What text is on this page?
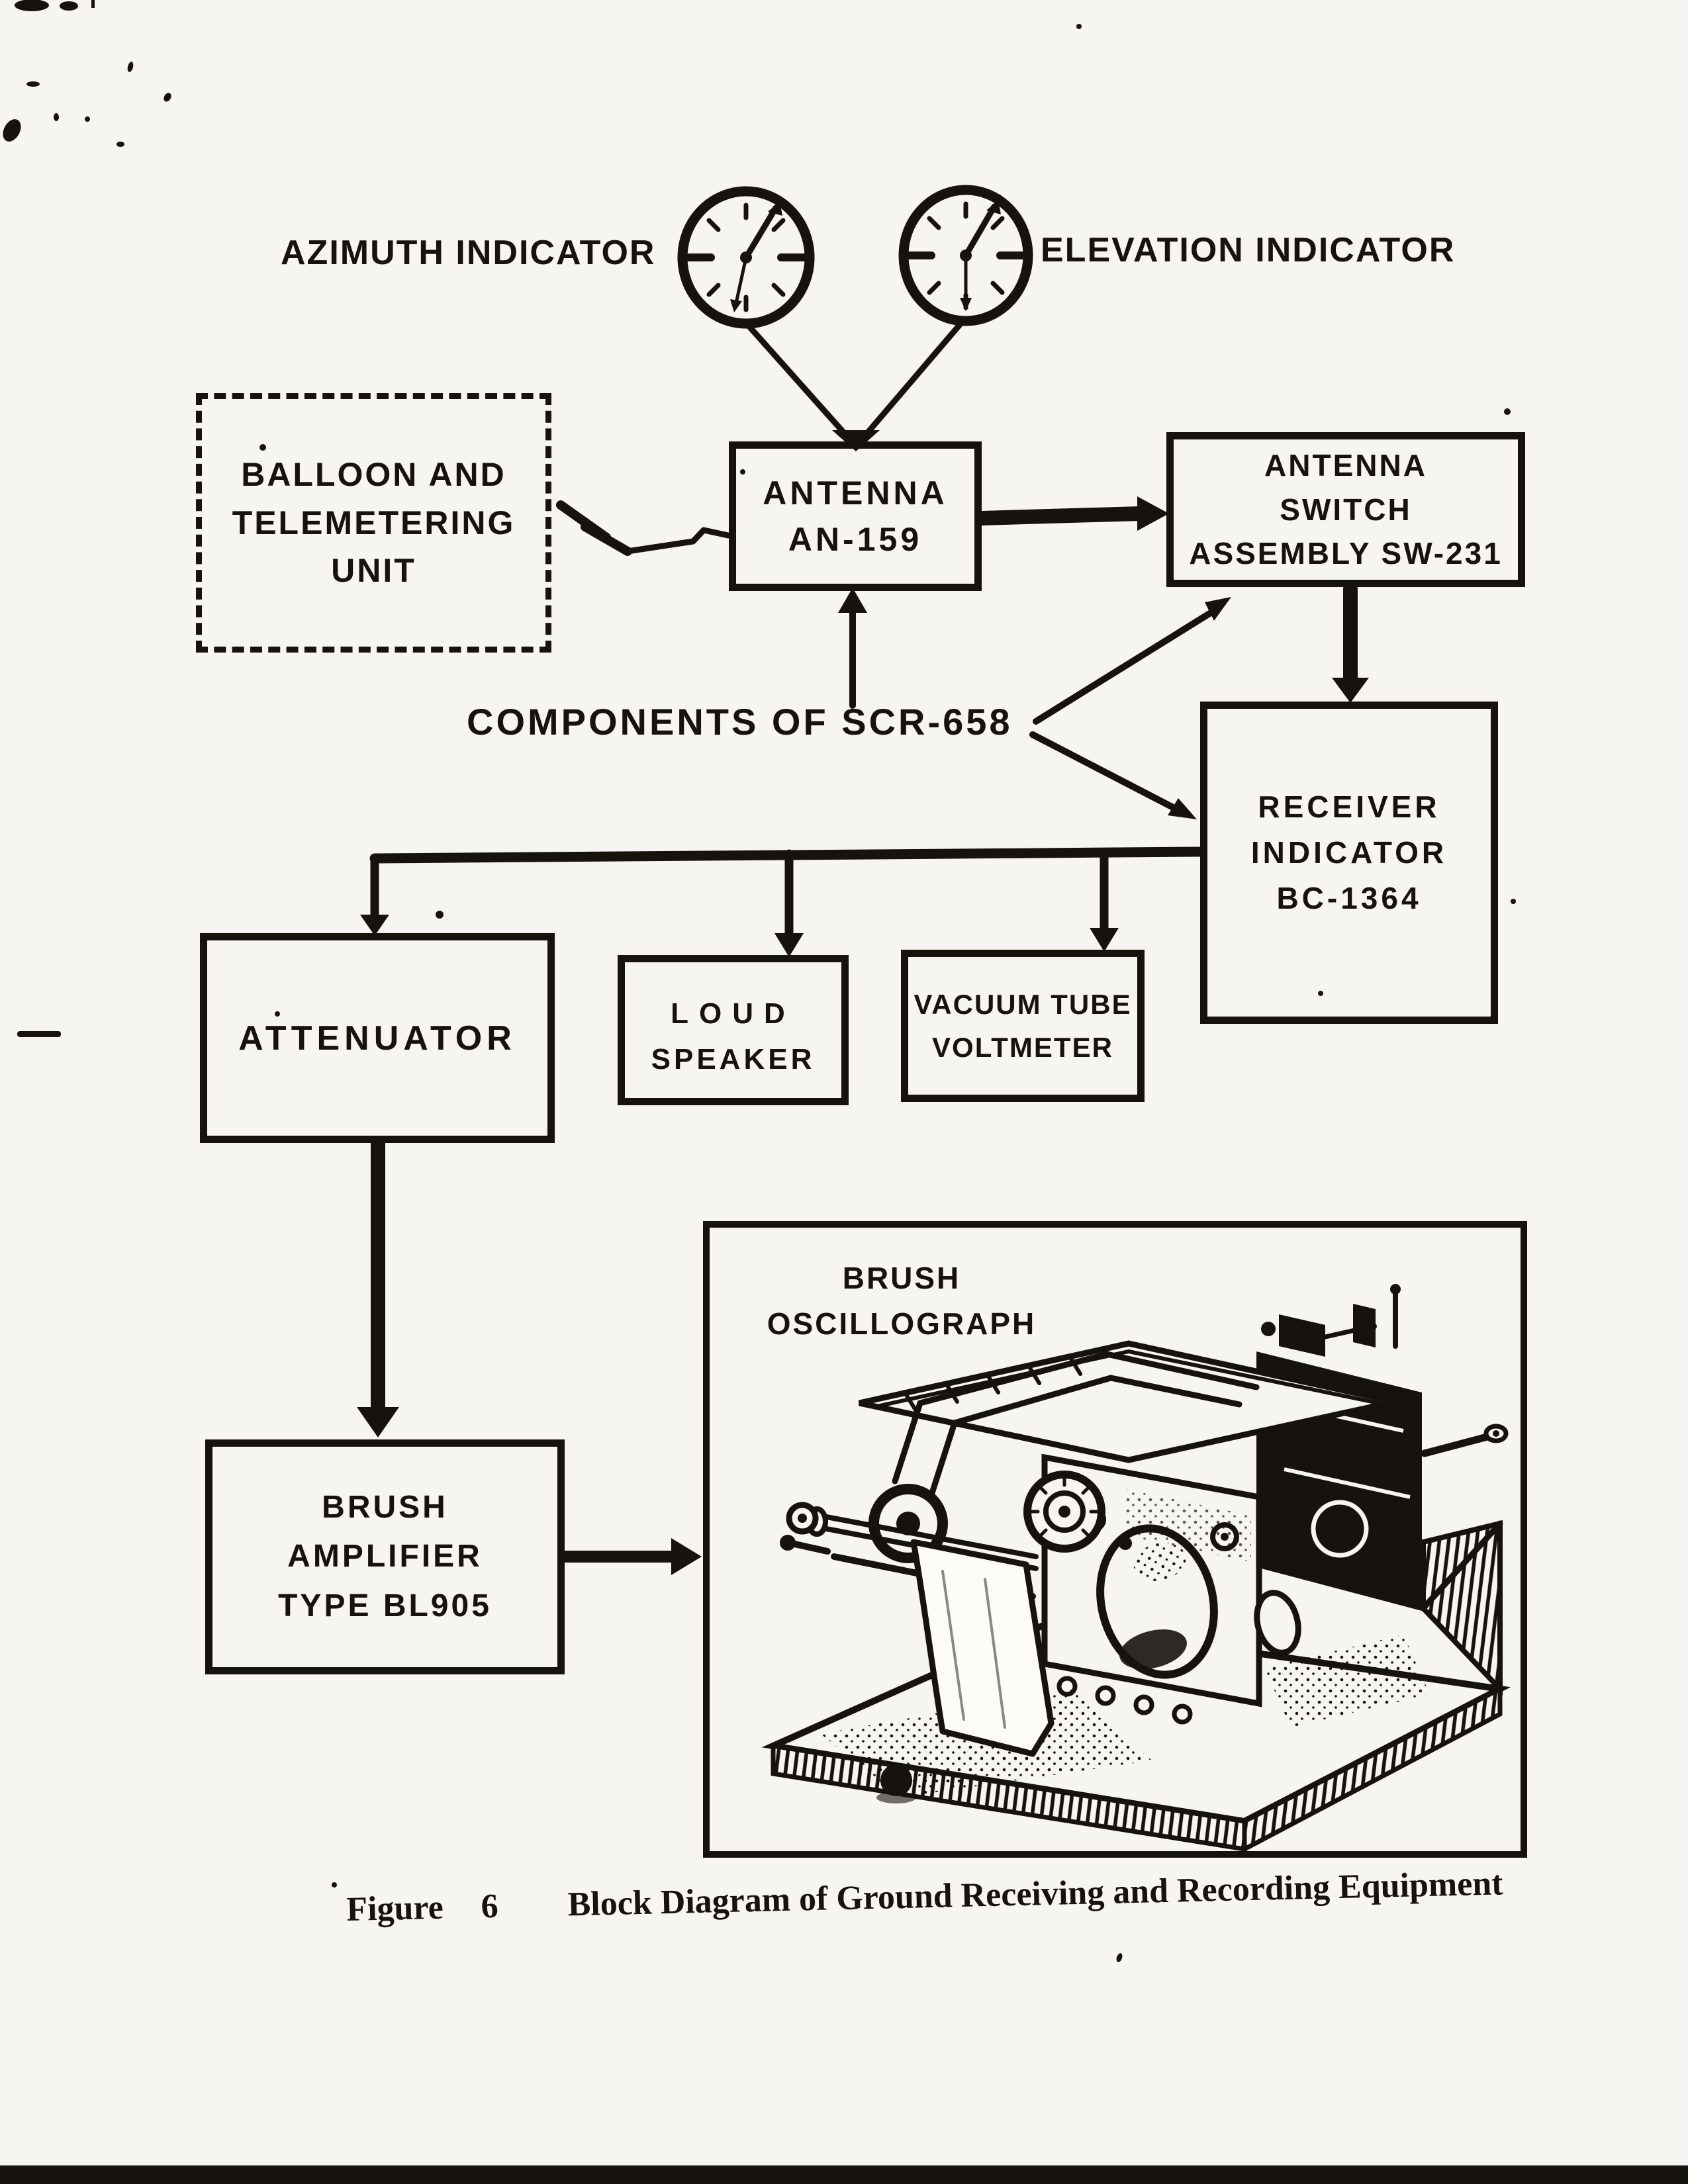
AZIMUTH INDICATOR	ELEVATION INDICATOR
COMPONENTS OF SCR-658
BALLOON AND
TELEMETERING
UNIT
ANTENNA
AN-159
ANTENNA
SWITCH
ASSEMBLY SW-231
RECEIVER
INDICATOR
BC-1364
ATTENUATOR
LOUD
SPEAKER
VACUUM TUBE
VOLTMETER
BRUSH
AMPLIFIER
TYPE BL905
BRUSH
OSCILLOGRAPH
Figure 6 Block Diagram of Ground Receiving and Recording Equipment
